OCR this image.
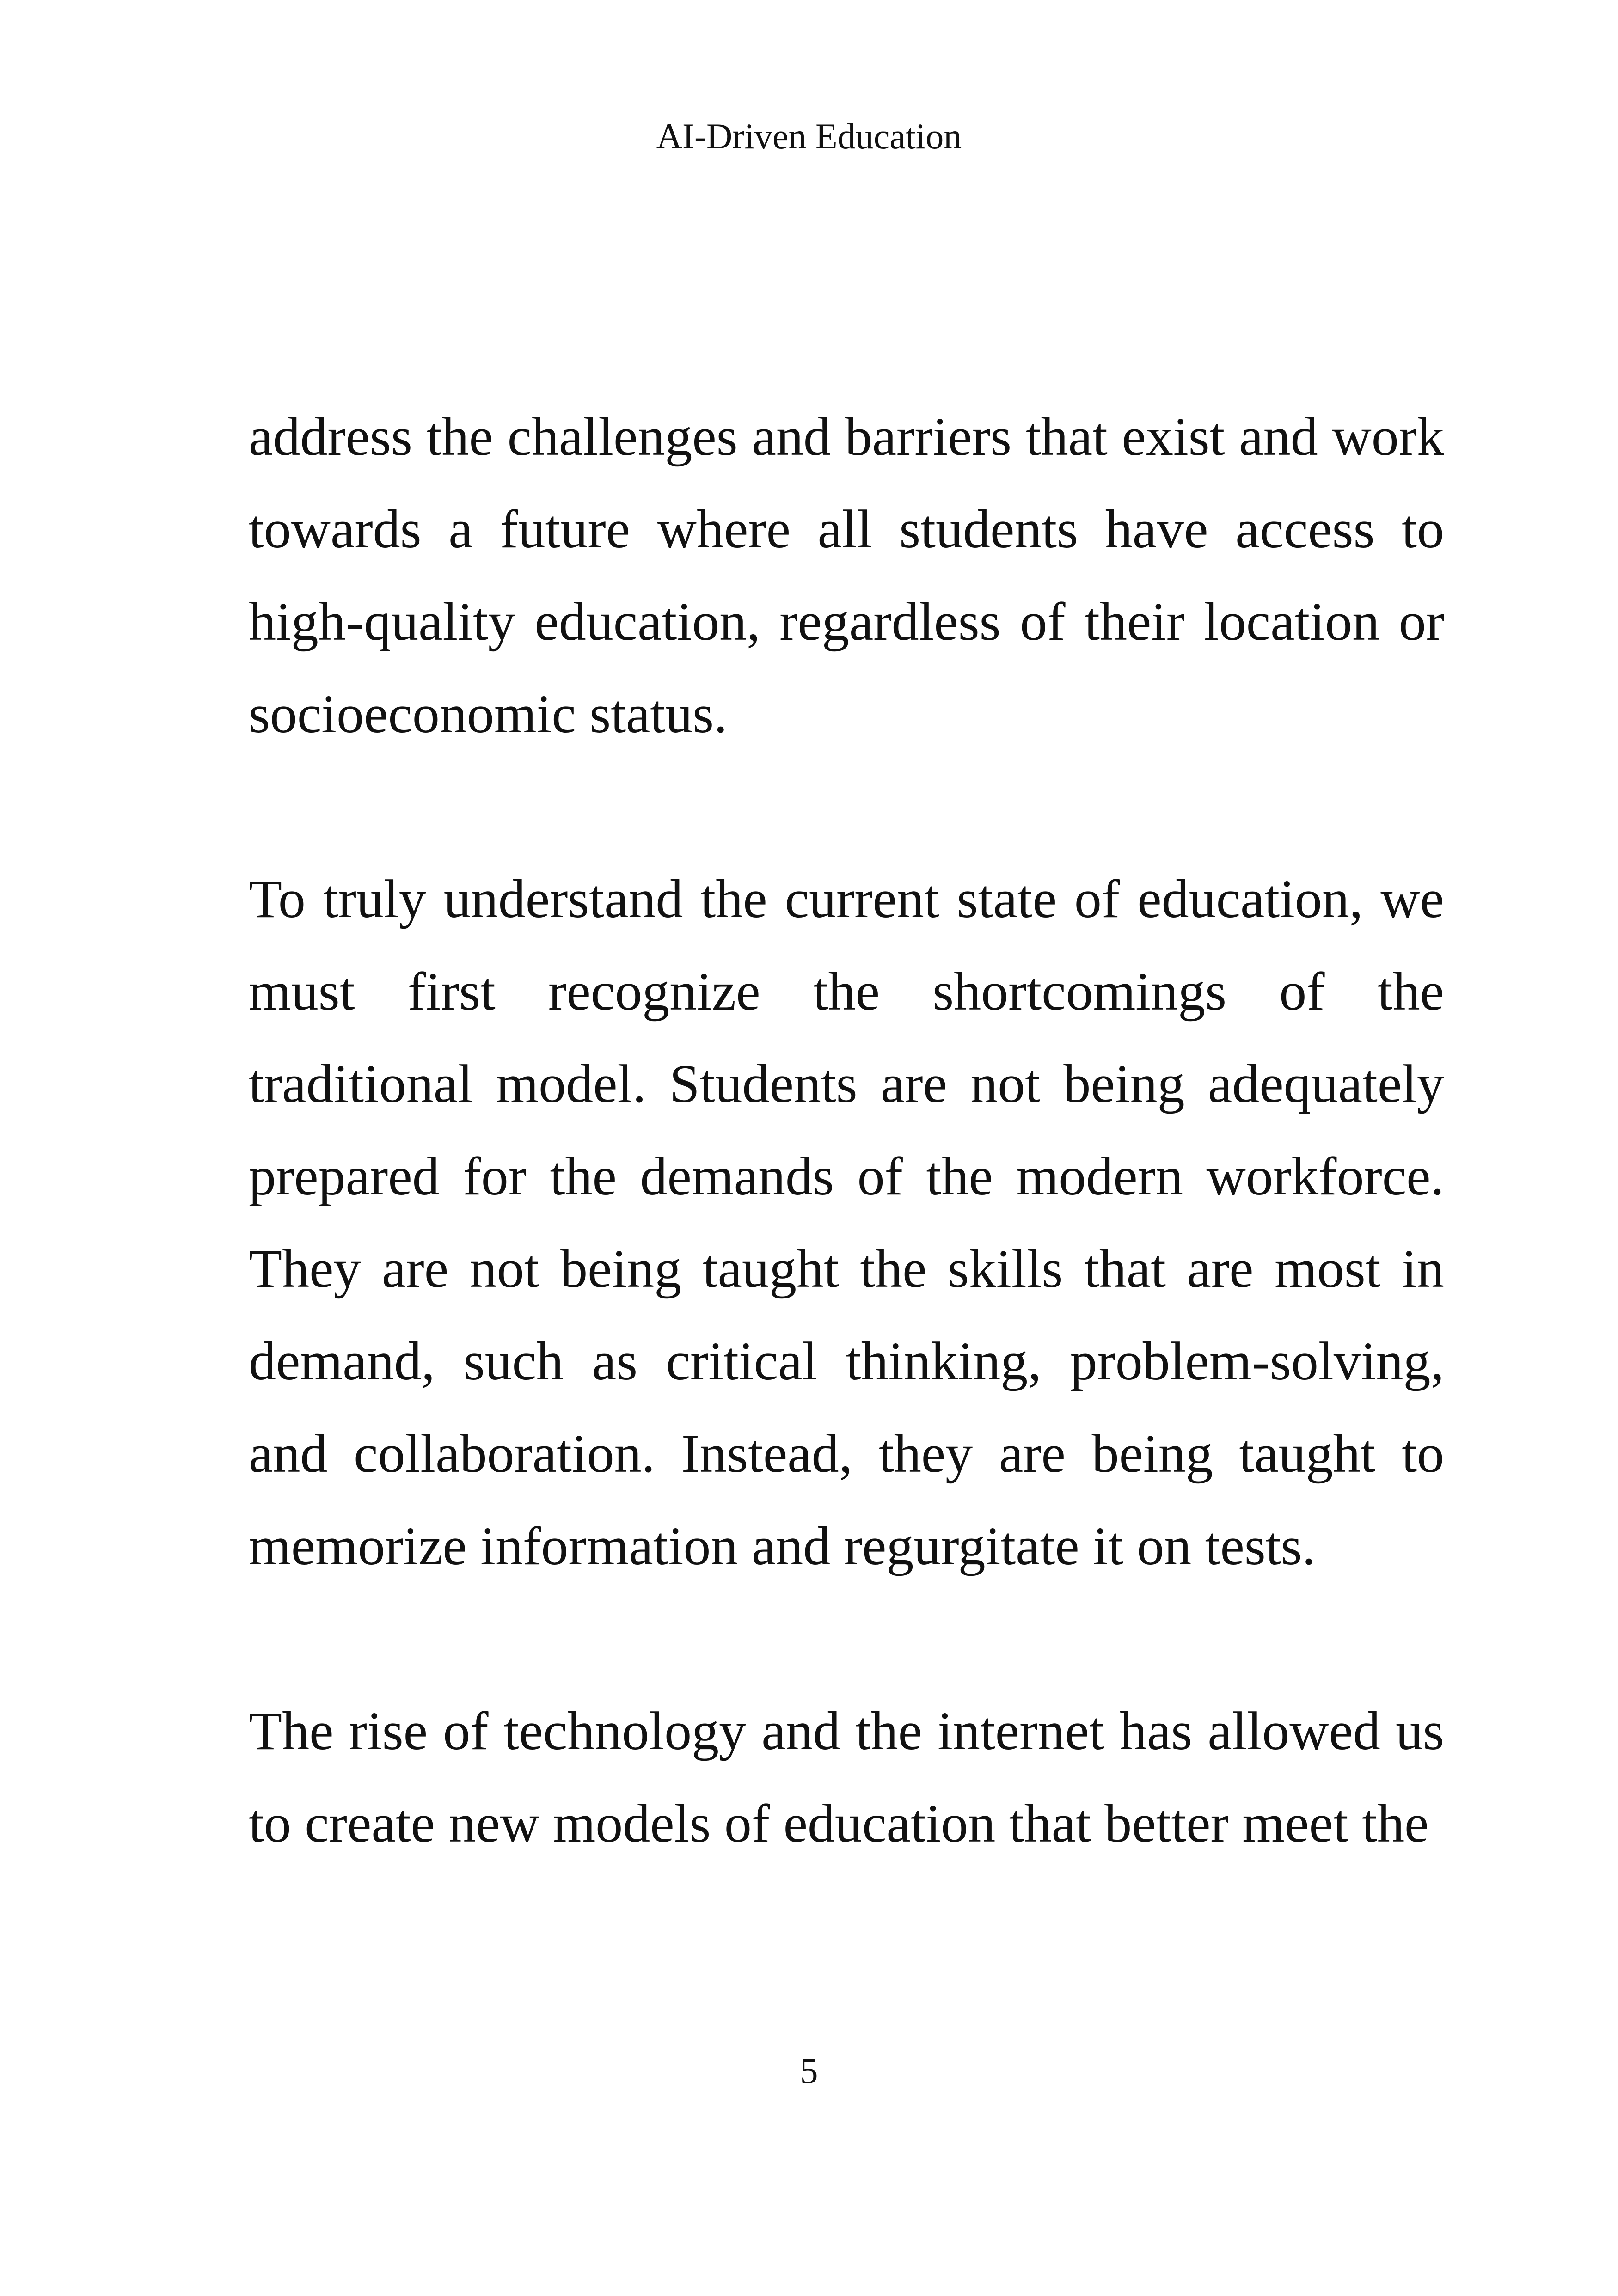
AI-Driven Education

address the challenges and barriers that exist and work towards a future where all students have access to high-quality education, regardless of their location or socioeconomic status.

To truly understand the current state of education, we must first recognize the shortcomings of the traditional model. Students are not being adequately prepared for the demands of the modern workforce. They are not being taught the skills that are most in demand, such as critical thinking, problem-solving, and collaboration. Instead, they are being taught to memorize information and regurgitate it on tests.

The rise of technology and the internet has allowed us to create new models of education that better meet the

5
